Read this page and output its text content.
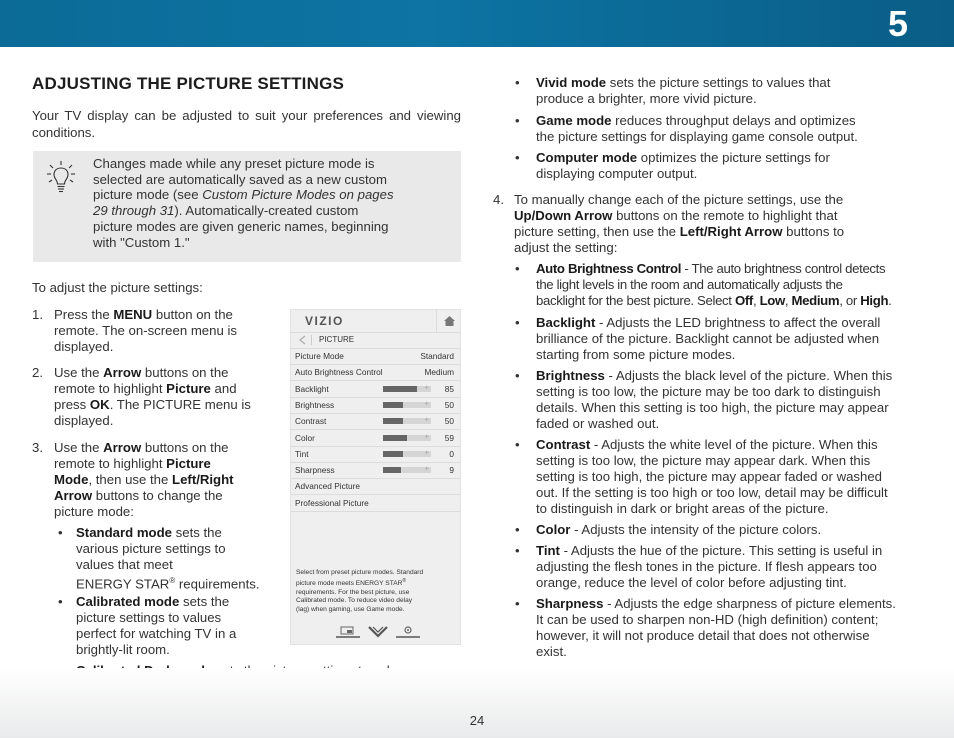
5
ADJUSTING THE PICTURE SETTINGS
Your TV display can be adjusted to suit your preferences and viewing conditions.
Changes made while any preset picture mode is
selected are automatically saved as a new custom
picture mode (see Custom Picture Modes on pages
29 through 31). Automatically-created custom
picture modes are given generic names, beginning
with "Custom 1."
To adjust the picture settings:
1. Press the MENU button on the
remote. The on-screen menu is
displayed.
2. Use the Arrow buttons on the
remote to highlight Picture and
press OK. The PICTURE menu is
displayed.
3. Use the Arrow buttons on the
remote to highlight Picture
Mode, then use the Left/Right
Arrow buttons to change the
picture mode:
• Standard mode sets the
various picture settings to
values that meet
ENERGY STAR® requirements.
• Calibrated mode sets the
picture settings to values
perfect for watching TV in a
brightly-lit room.
VIZIO
PICTURE
Picture Mode	Standard
Auto Brightness Control	Medium
Backlight	−	+ 85
Brightness	−	+ 50
Contrast	−	+ 50
Color	−	+ 59
Tint	−	+ 0
Sharpness	−	+ 9
Advanced Picture
Professional Picture
Select from preset picture modes. Standard
picture mode meets ENERGY STAR®
requirements. For the best picture, use
Calibrated mode. To reduce video delay
(lag) when gaming, use Game mode.
• Vivid mode sets the picture settings to values that
produce a brighter, more vivid picture.
• Game mode reduces throughput delays and optimizes
the picture settings for displaying game console output.
• Computer mode optimizes the picture settings for
displaying computer output.
4. To manually change each of the picture settings, use the
Up/Down Arrow buttons on the remote to highlight that
picture setting, then use the Left/Right Arrow buttons to
adjust the setting:
• Auto Brightness Control - The auto brightness control detects
the light levels in the room and automatically adjusts the
backlight for the best picture. Select Off, Low, Medium, or High.
• Backlight - Adjusts the LED brightness to affect the overall
brilliance of the picture. Backlight cannot be adjusted when
starting from some picture modes.
• Brightness - Adjusts the black level of the picture. When this
setting is too low, the picture may be too dark to distinguish
details. When this setting is too high, the picture may appear
faded or washed out.
• Contrast - Adjusts the white level of the picture. When this
setting is too low, the picture may appear dark. When this
setting is too high, the picture may appear faded or washed
out. If the setting is too high or too low, detail may be difficult
to distinguish in dark or bright areas of the picture.
• Color - Adjusts the intensity of the picture colors.
• Tint - Adjusts the hue of the picture. This setting is useful in
adjusting the flesh tones in the picture. If flesh appears too
orange, reduce the level of color before adjusting tint.
• Sharpness - Adjusts the edge sharpness of picture elements.
It can be used to sharpen non-HD (high definition) content;
however, it will not produce detail that does not otherwise
exist.
24
